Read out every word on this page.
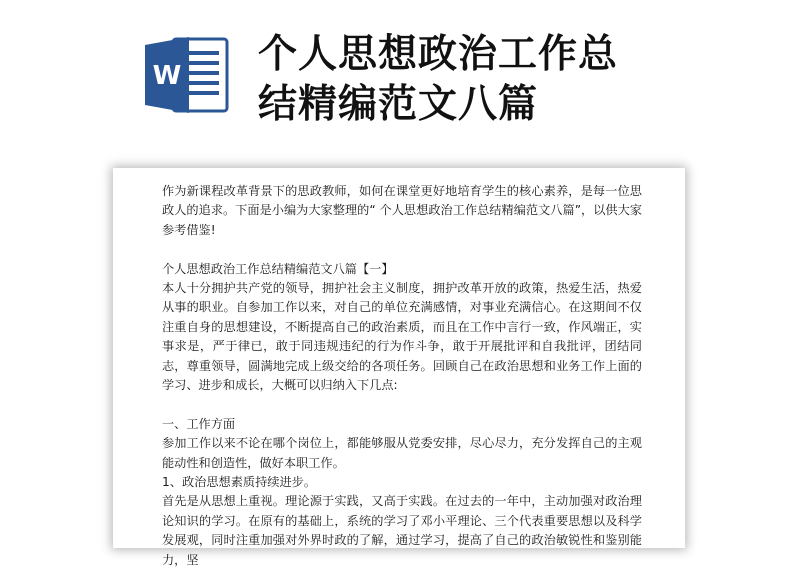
W 个人思想政治工作总
结精编范文八篇

作为新课程改革背景下的思政教师，如何在课堂更好地培育学生的核心素养，是每一位思政人的追求。下面是小编为大家整理的“ 个人思想政治工作总结精编范文八篇”，以供大家参考借鉴!

个人思想政治工作总结精编范文八篇【一】

本人十分拥护共产党的领导，拥护社会主义制度，拥护改革开放的政策，热爱生活，热爱从事的职业。自参加工作以来，对自己的单位充满感情，对事业充满信心。在这期间不仅注重自身的思想建设，不断提高自己的政治素质，而且在工作中言行一致，作风端正，实事求是，严于律已，敢于同违规违纪的行为作斗争，敢于开展批评和自我批评，团结同志，尊重领导，圆满地完成上级交给的各项任务。回顾自己在政治思想和业务工作上面的学习、进步和成长，大概可以归纳入下几点:

一、工作方面

参加工作以来不论在哪个岗位上，都能够服从党委安排，尽心尽力，充分发挥自己的主观能动性和创造性，做好本职工作。

1、政治思想素质持续进步。

首先是从思想上重视。理论源于实践，又高于实践。在过去的一年中，主动加强对政治理论知识的学习。在原有的基础上，系统的学习了邓小平理论、三个代表重要思想以及科学发展观，同时注重加强对外界时政的了解，通过学习，提高了自己的政治敏锐性和鉴别能力，坚
